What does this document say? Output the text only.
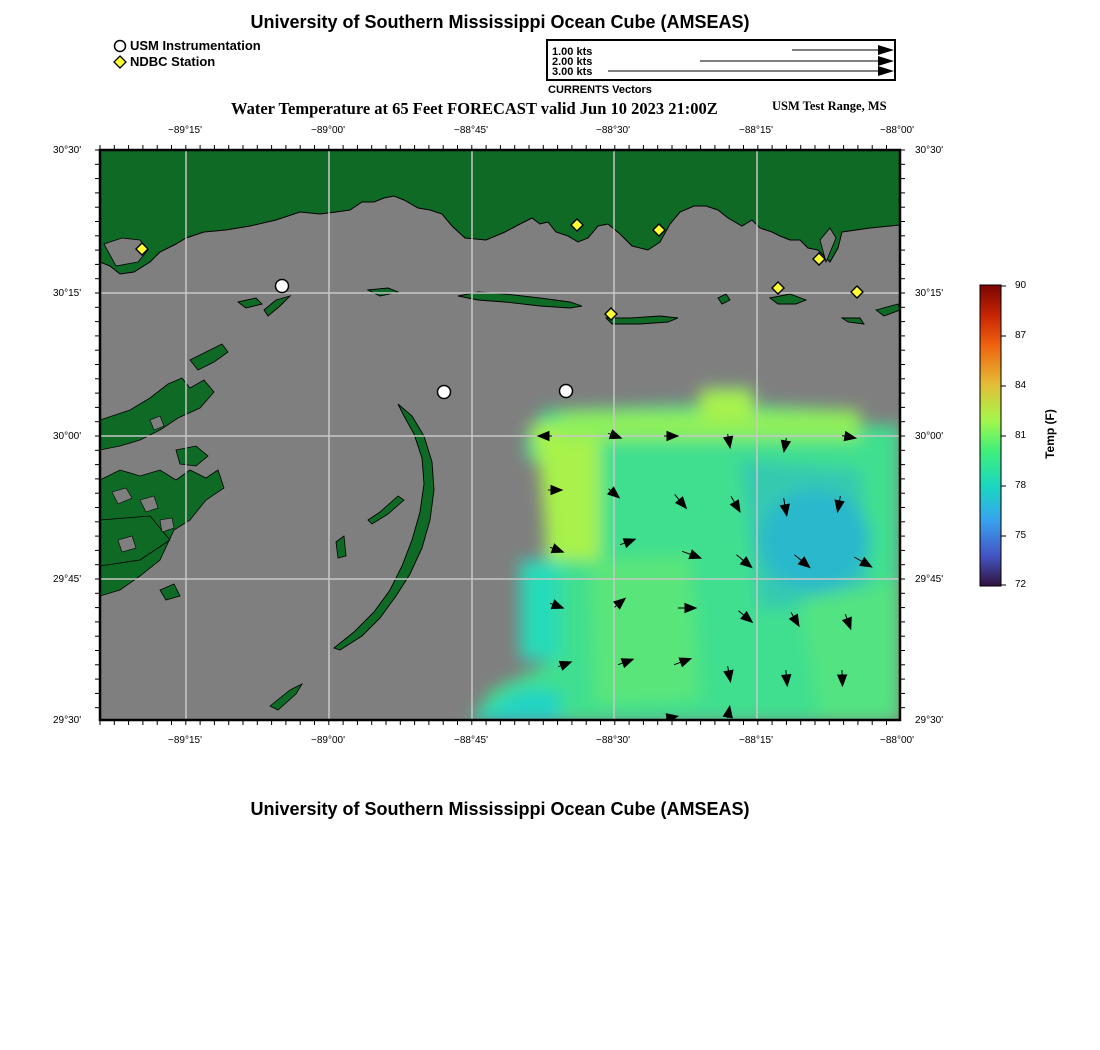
University of Southern Mississippi Ocean Cube (AMSEAS)
USM Instrumentation
NDBC Station
1.00 kts
2.00 kts
3.00 kts
CURRENTS Vectors
Water Temperature at 65 Feet FORECAST valid Jun 10 2023 21:00Z	USM Test Range, MS
−89°15'	−89°00'	−88°45'	−88°30'	−88°15'	−88°00'
−89°15'	−89°00'	−88°45'	−88°30'	−88°15'	−88°00'
30°30'
30°15'
30°00'
29°45'
29°30'
30°30'
30°15'
30°00'
29°45'
29°30'
90
87
84
81
78
75
72
Temp (F)
University of Southern Mississippi Ocean Cube (AMSEAS)
